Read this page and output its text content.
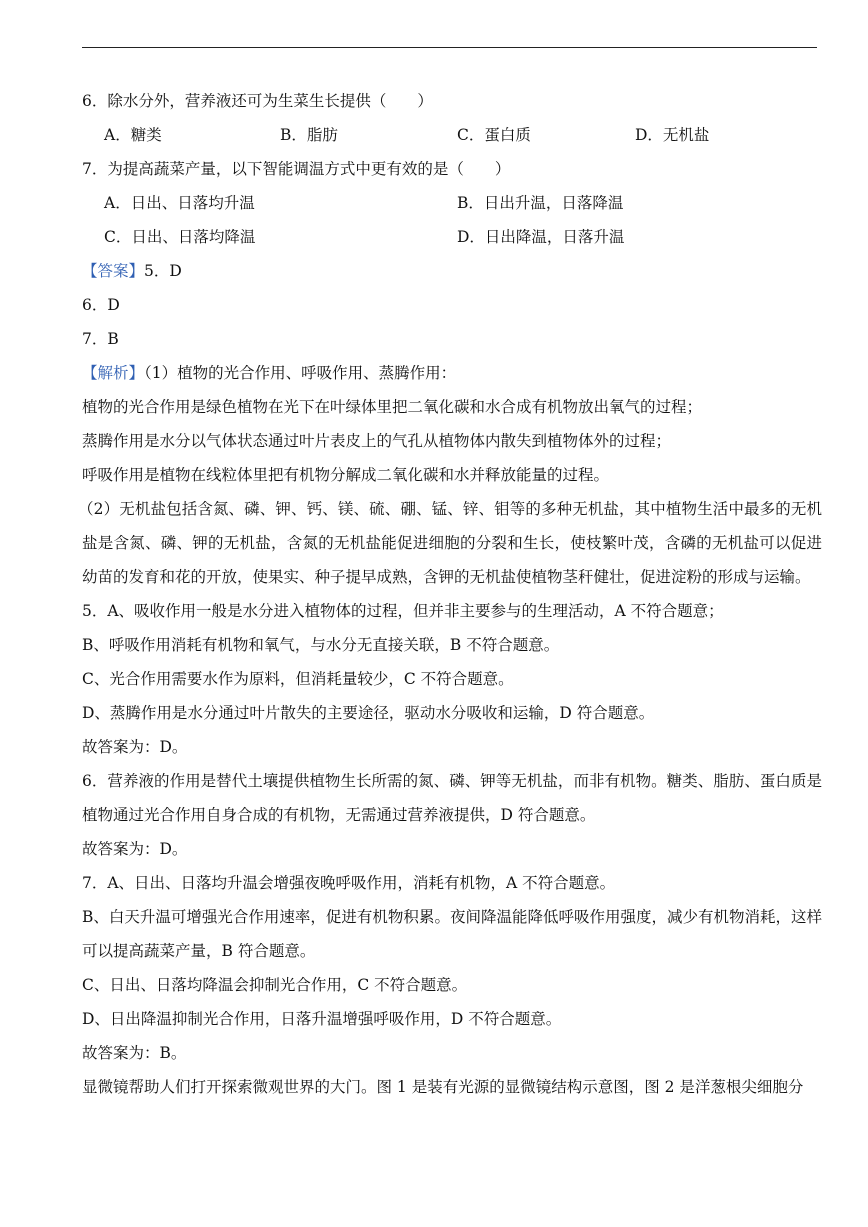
6．除水分外，营养液还可为生菜生长提供（　　）
A．糖类	B．脂肪	C．蛋白质	D．无机盐
7．为提高蔬菜产量，以下智能调温方式中更有效的是（　　）
A．日出、日落均升温	B．日出升温，日落降温
C．日出、日落均降温	D．日出降温，日落升温
【答案】5．D
6．D
7．B
【解析】（1）植物的光合作用、呼吸作用、蒸腾作用：
植物的光合作用是绿色植物在光下在叶绿体里把二氧化碳和水合成有机物放出氧气的过程；
蒸腾作用是水分以气体状态通过叶片表皮上的气孔从植物体内散失到植物体外的过程；
呼吸作用是植物在线粒体里把有机物分解成二氧化碳和水并释放能量的过程。
（2）无机盐包括含氮、磷、钾、钙、镁、硫、硼、锰、锌、钼等的多种无机盐，其中植物生活中最多的无机盐是含氮、磷、钾的无机盐，含氮的无机盐能促进细胞的分裂和生长，使枝繁叶茂，含磷的无机盐可以促进幼苗的发育和花的开放，使果实、种子提早成熟，含钾的无机盐使植物茎秆健壮，促进淀粉的形成与运输。
5．A、吸收作用一般是水分进入植物体的过程，但并非主要参与的生理活动，A 不符合题意；
B、呼吸作用消耗有机物和氧气，与水分无直接关联，B 不符合题意。
C、光合作用需要水作为原料，但消耗量较少，C 不符合题意。
D、蒸腾作用是水分通过叶片散失的主要途径，驱动水分吸收和运输，D 符合题意。
故答案为：D。
6．营养液的作用是替代土壤提供植物生长所需的氮、磷、钾等无机盐，而非有机物。糖类、脂肪、蛋白质是植物通过光合作用自身合成的有机物，无需通过营养液提供，D 符合题意。
故答案为：D。
7．A、日出、日落均升温会增强夜晚呼吸作用，消耗有机物，A 不符合题意。
B、白天升温可增强光合作用速率，促进有机物积累。夜间降温能降低呼吸作用强度，减少有机物消耗，这样可以提高蔬菜产量，B 符合题意。
C、日出、日落均降温会抑制光合作用，C 不符合题意。
D、日出降温抑制光合作用，日落升温增强呼吸作用，D 不符合题意。
故答案为：B。
显微镜帮助人们打开探索微观世界的大门。图 1 是装有光源的显微镜结构示意图，图 2 是洋葱根尖细胞分
